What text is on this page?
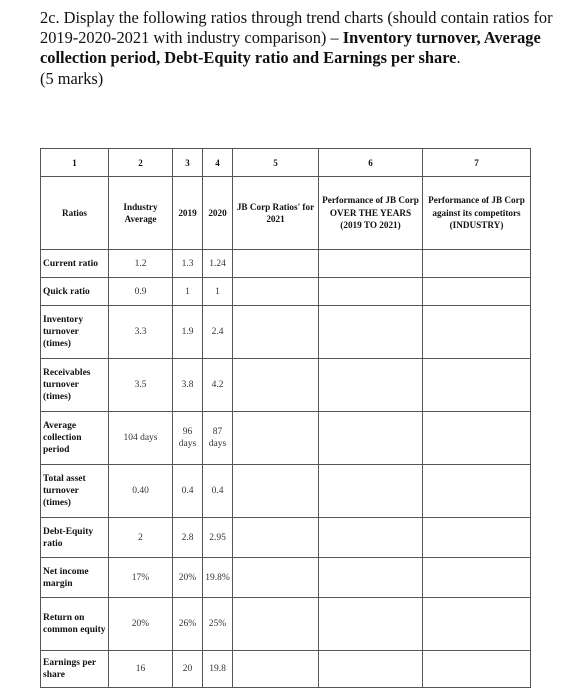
2c. Display the following ratios through trend charts (should contain ratios for 2019-2020-2021 with industry comparison) – Inventory turnover, Average collection period, Debt-Equity ratio and Earnings per share.
(5 marks)
1	2	3	4	5	6	7
Ratios	Industry Average	2019	2020	JB Corp Ratios' for 2021	Performance of JB Corp OVER THE YEARS (2019 TO 2021)	Performance of JB Corp against its competitors (INDUSTRY)
Current ratio	1.2	1.3	1.24			
Quick ratio	0.9	1	1			
Inventory turnover (times)	3.3	1.9	2.4			
Receivables turnover (times)	3.5	3.8	4.2			
Average collection period	104 days	96 days	87 days			
Total asset turnover (times)	0.40	0.4	0.4			
Debt-Equity ratio	2	2.8	2.95			
Net income margin	17%	20%	19.8%			
Return on common equity	20%	26%	25%			
Earnings per share	16	20	19.8			
